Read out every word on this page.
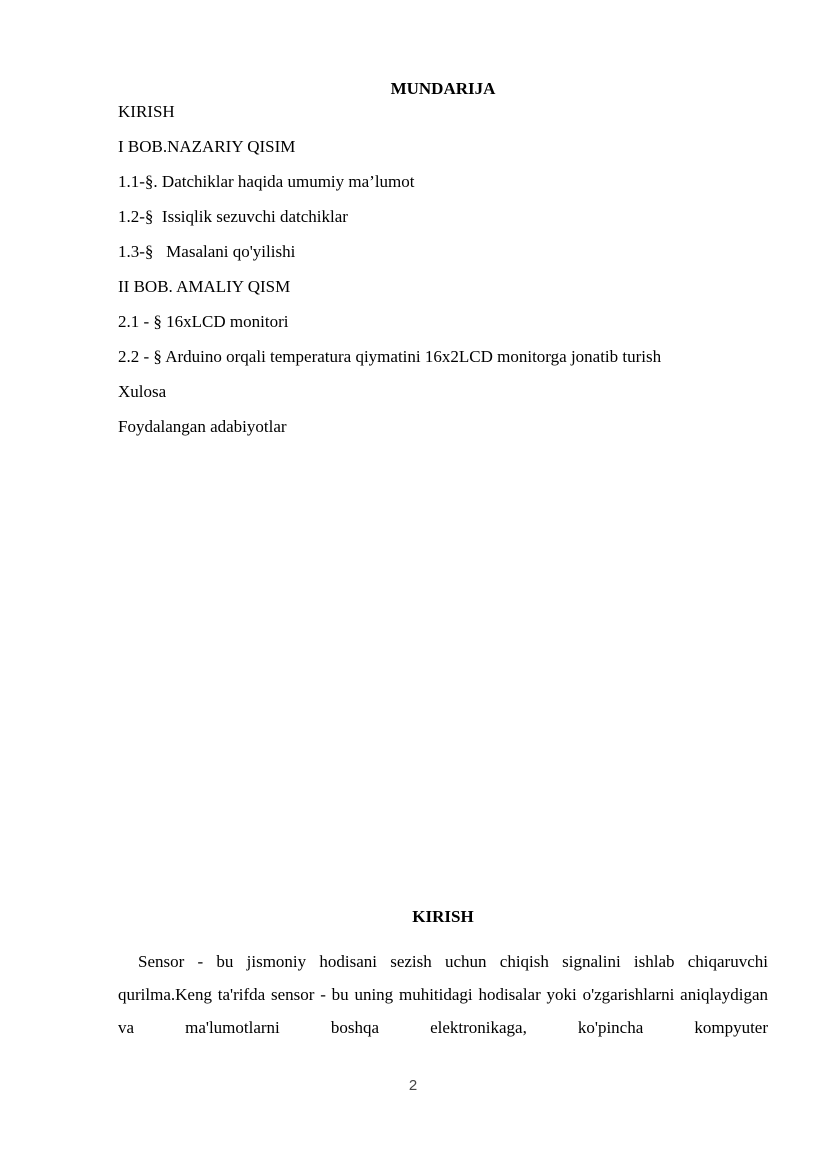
MUNDARIJA
KIRISH
I BOB.NAZARIY QISIM
1.1-§. Datchiklar haqida umumiy ma’lumot
1.2-§  Issiqlik sezuvchi datchiklar
1.3-§   Masalani qo'yilishi
II BOB. AMALIY QISM
2.1 - § 16xLCD monitori
2.2 - § Arduino orqali temperatura qiymatini 16x2LCD monitorga jonatib turish
Xulosa
Foydalangan adabiyotlar
KIRISH

Sensor - bu jismoniy hodisani sezish uchun chiqish signalini ishlab chiqaruvchi qurilma.Keng ta'rifda sensor - bu uning muhitidagi hodisalar yoki o'zgarishlarni aniqlaydigan va ma'lumotlarni boshqa elektronikaga, ko'pincha kompyuter

2
